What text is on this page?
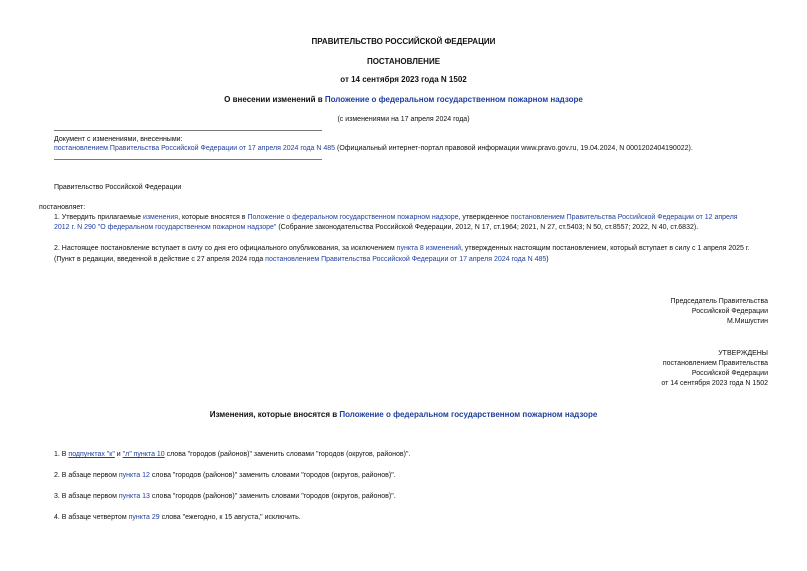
ПРАВИТЕЛЬСТВО РОССИЙСКОЙ ФЕДЕРАЦИИ
ПОСТАНОВЛЕНИЕ
от 14 сентября 2023 года N 1502
О внесении изменений в Положение о федеральном государственном пожарном надзоре
(с изменениями на 17 апреля 2024 года)
Документ с изменениями, внесенными:
постановлением Правительства Российской Федерации от 17 апреля 2024 года N 485 (Официальный интернет-портал правовой информации www.pravo.gov.ru, 19.04.2024, N 0001202404190022).
Правительство Российской Федерации
постановляет:
1. Утвердить прилагаемые изменения, которые вносятся в Положение о федеральном государственном пожарном надзоре, утвержденное постановлением Правительства Российской Федерации от 12 апреля
2012 г. N 290 "О федеральном государственном пожарном надзоре" (Собрание законодательства Российской Федерации, 2012, N 17, ст.1964; 2021, N 27, ст.5403; N 50, ст.8557; 2022, N 40, ст.6832).
2. Настоящее постановление вступает в силу со дня его официального опубликования, за исключением пункта 8 изменений, утвержденных настоящим постановлением, который вступает в силу с 1 апреля 2025 г.
(Пункт в редакции, введенной в действие с 27 апреля 2024 года постановлением Правительства Российской Федерации от 17 апреля 2024 года N 485)
Председатель Правительства
Российской Федерации
М.Мишустин
УТВЕРЖДЕНЫ
постановлением Правительства
Российской Федерации
от 14 сентября 2023 года N 1502
Изменения, которые вносятся в Положение о федеральном государственном пожарном надзоре
1. В подпунктах "к" и "л" пункта 10 слова "городов (районов)" заменить словами "городов (округов, районов)".
2. В абзаце первом пункта 12 слова "городов (районов)" заменить словами "городов (округов, районов)".
3. В абзаце первом пункта 13 слова "городов (районов)" заменить словами "городов (округов, районов)".
4. В абзаце четвертом пункта 29 слова "ежегодно, к 15 августа," исключить.
